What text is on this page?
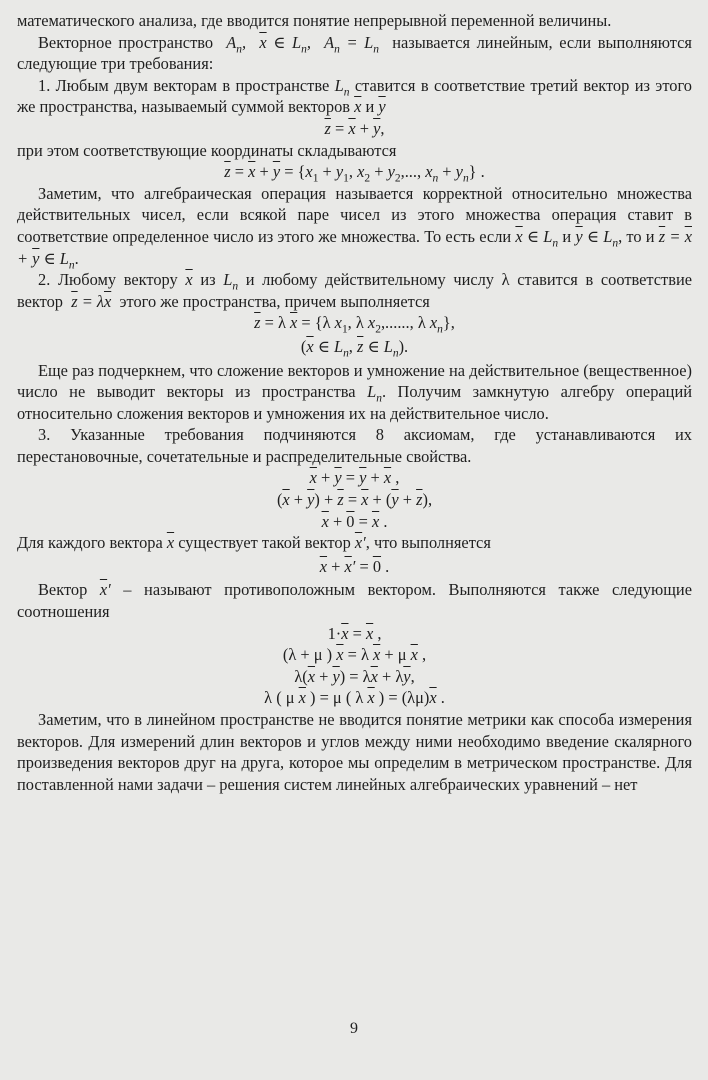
математического анализа, где вводится понятие непрерывной переменной величины.

Векторное пространство  $A_n$,  $\overline{x}$ ∈ $L_n$,  $A_n = L_n$ называется линейным, если выполняются следующие три требования:

1. Любым двум векторам в пространстве $L_n$ ставится в соответствие третий вектор из этого же пространства, называемый суммой векторов $\overline{x}$ и $\overline{y}$

$\overline{z} = \overline{x} + \overline{y}$,

при этом соответствующие координаты складываются

$\overline{z} = \overline{x} + \overline{y} = \{x_1 + y_1$, $x_2 + y_2$,..., $x_n + y_n$} .

Заметим, что алгебраическая операция называется корректной относительно множества действительных чисел, если всякой паре чисел из этого множества операция ставит в соответствие определенное число из этого же множества. То есть если $\overline{x}$ ∈ $L_n$ и $\overline{y}$ ∈ $L_n$, то и $\overline{z} = \overline{x} + \overline{y}$ ∈ $L_n$.

2. Любому вектору $\overline{x}$ из $L_n$ и любому действительному числу λ ставится в соответствие вектор $\overline{z} = \lambda\overline{x}$ этого же пространства, причем выполняется

$\overline{z} = \lambda$ $\overline{x} = \{\lambda$ $x_1$, λ $x_2$,......, λ $x_n$},

($\overline{x}$ ∈ $L_n$, $\overline{z}$ ∈ $L_n$).

Еще раз подчеркнем, что сложение векторов и умножение на действительное (вещественное) число не выводит векторы из пространства $L_n$. Получим замкнутую алгебру операций относительно сложения векторов и умножения их на действительное число.

3. Указанные требования подчиняются 8 аксиомам, где устанавливаются их перестановочные, сочетательные и распределительные свойства.

$\overline{x} + \overline{y} = \overline{y} + \overline{x}$ ,

$(\overline{x} + \overline{y}) + \overline{z} = \overline{x} + (\overline{y} + \overline{z})$,

$\overline{x} + 0 = \overline{x}$ .

Для каждого вектора $\overline{x}$ существует такой вектор $\overline{x}'$, что выполняется

$\overline{x} + \overline{x}' = 0$ .

Вектор $\overline{x}'$ – называют противоположным вектором. Выполняются также следующие соотношения

$1\cdot\overline{x} = \overline{x}$ ,

(λ + μ ) $\overline{x} = \lambda$ $\overline{x} + \mu$ $\overline{x}$ ,

$\lambda(\overline{x} + \overline{y}) = \lambda\overline{x} + \lambda\overline{y}$,

λ ( μ $\overline{x}$ ) = μ ( λ $\overline{x}$ ) = $(\lambda\mu)\overline{x}$ .

Заметим, что в линейном пространстве не вводится понятие метрики как способа измерения векторов. Для измерений длин векторов и углов между ними необходимо введение скалярного произведения векторов друг на друга, которое мы определим в метрическом пространстве. Для поставленной нами задачи – решения систем линейных алгебраических уравнений – нет

9
